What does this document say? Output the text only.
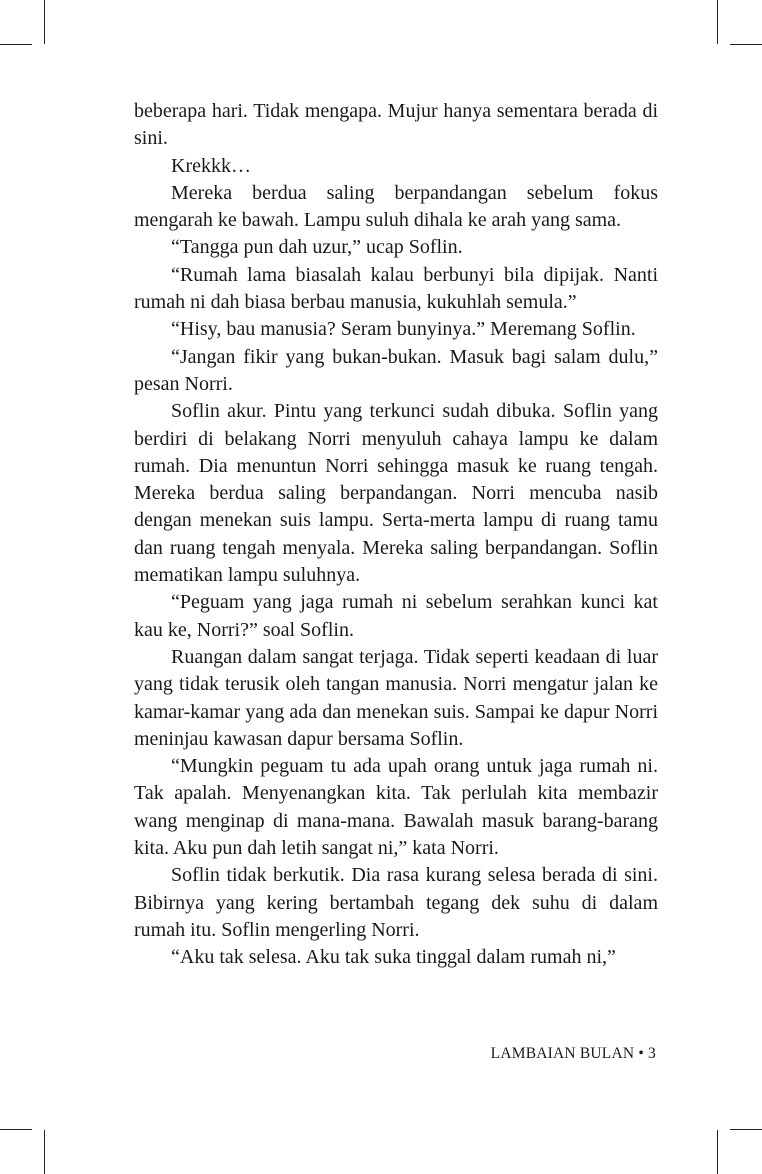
beberapa hari. Tidak mengapa. Mujur hanya sementara berada di sini.

Krekkk…

Mereka berdua saling berpandangan sebelum fokus mengarah ke bawah. Lampu suluh dihala ke arah yang sama.

“Tangga pun dah uzur,” ucap Soflin.

“Rumah lama biasalah kalau berbunyi bila dipijak. Nanti rumah ni dah biasa berbau manusia, kukuhlah semula.”

“Hisy, bau manusia? Seram bunyinya.” Meremang Soflin.

“Jangan fikir yang bukan-bukan. Masuk bagi salam dulu,” pesan Norri.

Soflin akur. Pintu yang terkunci sudah dibuka. Soflin yang berdiri di belakang Norri menyuluh cahaya lampu ke dalam rumah. Dia menuntun Norri sehingga masuk ke ruang tengah. Mereka berdua saling berpandangan. Norri mencuba nasib dengan menekan suis lampu. Serta-merta lampu di ruang tamu dan ruang tengah menyala. Mereka saling berpandangan. Soflin mematikan lampu suluhnya.

“Peguam yang jaga rumah ni sebelum serahkan kunci kat kau ke, Norri?” soal Soflin.

Ruangan dalam sangat terjaga. Tidak seperti keadaan di luar yang tidak terusik oleh tangan manusia. Norri mengatur jalan ke kamar-kamar yang ada dan menekan suis. Sampai ke dapur Norri meninjau kawasan dapur bersama Soflin.

“Mungkin peguam tu ada upah orang untuk jaga rumah ni. Tak apalah. Menyenangkan kita. Tak perlulah kita membazir wang menginap di mana-mana. Bawalah masuk barang-barang kita. Aku pun dah letih sangat ni,” kata Norri.

Soflin tidak berkutik. Dia rasa kurang selesa berada di sini. Bibirnya yang kering bertambah tegang dek suhu di dalam rumah itu. Soflin mengerling Norri.

“Aku tak selesa. Aku tak suka tinggal dalam rumah ni,”

LAMBAIAN BULAN • 3
